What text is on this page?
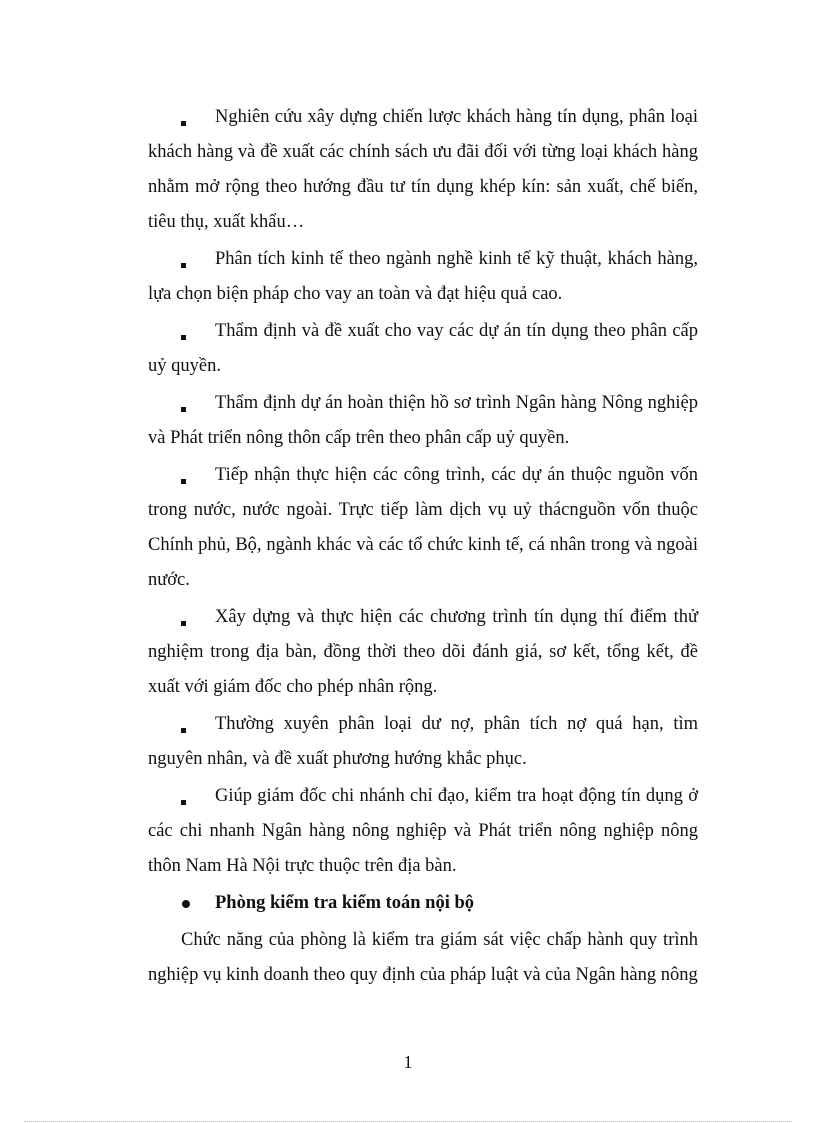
Nghiên cứu xây dựng chiến lược khách hàng tín dụng, phân loại khách hàng và đề xuất các chính sách ưu đãi đối với từng loại khách hàng nhằm mở rộng theo hướng đầu tư tín dụng khép kín: sản xuất, chế biến, tiêu thụ, xuất khẩu…

Phân tích kinh tế theo ngành nghề kinh tế kỹ thuật, khách hàng, lựa chọn biện pháp cho vay an toàn và đạt hiệu quả cao.

Thẩm định và đề xuất cho vay các dự án tín dụng theo phân cấp uỷ quyền.

Thẩm định dự án hoàn thiện hồ sơ trình Ngân hàng Nông nghiệp và Phát triển nông thôn cấp trên theo phân cấp uỷ quyền.

Tiếp nhận thực hiện các công trình, các dự án thuộc nguồn vốn trong nước, nước ngoài. Trực tiếp làm dịch vụ uỷ thácnguồn vốn thuộc Chính phủ, Bộ, ngành khác và các tổ chức kinh tế, cá nhân trong và ngoài nước.

Xây dựng và thực hiện các chương trình tín dụng thí điểm thử nghiệm trong địa bàn, đồng thời theo dõi đánh giá, sơ kết, tổng kết, đề xuất với giám đốc cho phép nhân rộng.

Thường xuyên phân loại dư nợ, phân tích nợ quá hạn, tìm nguyên nhân, và đề xuất phương hướng khắc phục.

Giúp giám đốc chi nhánh chỉ đạo, kiểm tra hoạt động tín dụng ở các chi nhanh Ngân hàng nông nghiệp và Phát triển nông nghiệp nông thôn Nam Hà Nội trực thuộc trên địa bàn.

Phòng kiểm tra kiểm toán nội bộ

Chức năng của phòng là kiểm tra giám sát việc chấp hành quy trình nghiệp vụ kinh doanh theo quy định của pháp luật và của Ngân hàng nông

1
